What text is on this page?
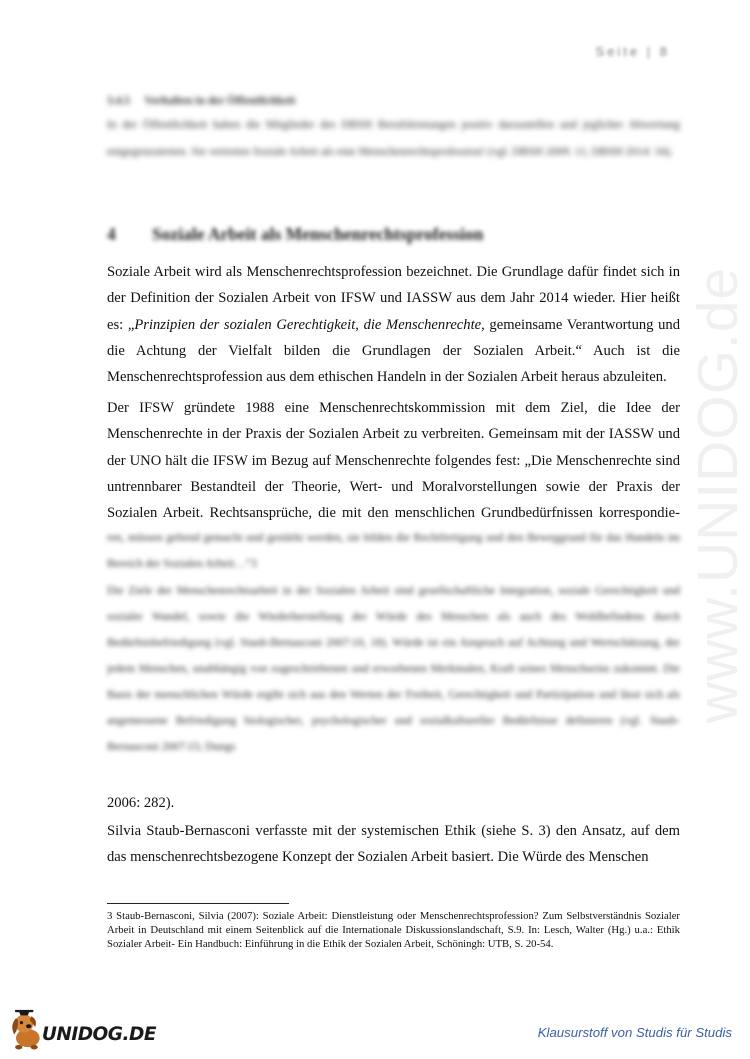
Seite | 8
3.4.5 Verhalten in der Öffentlichkeit
In der Öffentlichkeit haben die Mitglieder des DBSH Berufsleistungen positiv darzustellen und jeglicher Abwertung entgegenzutreten. Sie vertreten Soziale Arbeit als eine Menschenrechtsprofession! (vgl. DBSH 2009: 11; DBSH 2014: 34).
4 Soziale Arbeit als Menschenrechtsprofession
Soziale Arbeit wird als Menschenrechtsprofession bezeichnet. Die Grundlage dafür findet sich in der Definition der Sozialen Arbeit von IFSW und IASSW aus dem Jahr 2014 wieder. Hier heißt es: „Prinzipien der sozialen Gerechtigkeit, die Menschenrechte, gemeinsame Verantwortung und die Achtung der Vielfalt bilden die Grundlagen der Sozialen Arbeit.“ Auch ist die
Menschenrechtsprofession aus dem ethischen Handeln in der Sozialen Arbeit heraus abzuleiten.
Der IFSW gründete 1988 eine Menschenrechtskommission mit dem Ziel, die Idee der Menschenrechte in der Praxis der Sozialen Arbeit zu verbreiten. Gemeinsam mit der IASSW und der UNO hält die IFSW im Bezug auf Menschenrechte folgendes fest: „Die Menschenrechte sind untrennbarer Bestandteil der Theorie, Wert- und Moralvorstellungen sowie der Praxis der Sozialen Arbeit. Rechtsansprüche, die mit den menschlichen Grundbedürfnissen korrespondie-
ren, müssen geltend gemacht und gestärkt werden, sie bilden die Rechtfertigung und den Beweggrund für das Handeln im Bereich der Sozialen Arbeit…“3
Die Ziele der Menschenrechtsarbeit in der Sozialen Arbeit sind gesellschaftliche Integration, soziale Gerechtigkeit und sozialer Wandel, sowie die Wiederherstellung der Würde des Menschen als auch des Wohlbefindens durch Bedürfnisbefriedigung (vgl. Staub-Bernasconi 2007:10, 18). Würde ist ein Anspruch auf Achtung und Wertschätzung, der jedem Menschen, unabhängig von zugeschriebenen und erworbenen Merkmalen, Kraft seines Menschseins zukommt. Die Basis der menschlichen Würde ergibt sich aus den Werten der Freiheit, Gerechtigkeit und Partizipation und lässt sich als angemessene Befriedigung biologischer, psychologischer und sozialkultureller Bedürfnisse definieren (vgl. Staub-Bernasconi 2007:15; Dungs
2006: 282).
Silvia Staub-Bernasconi verfasste mit der systemischen Ethik (siehe S. 3) den Ansatz, auf dem das menschenrechtsbezogene Konzept der Sozialen Arbeit basiert. Die Würde des Menschen
3 Staub-Bernasconi, Silvia (2007): Soziale Arbeit: Dienstleistung oder Menschenrechtsprofession? Zum Selbstverständnis Sozialer Arbeit in Deutschland mit einem Seitenblick auf die Internationale Diskussionslandschaft, S.9. In: Lesch, Walter (Hg.) u.a.: Ethik Sozialer Arbeit- Ein Handbuch: Einführung in die Ethik der Sozialen Arbeit, Schöningh: UTB, S. 20-54.
www.UNIDOG.de
UNIDOG.DE	Klausurstoff von Studis für Studis
